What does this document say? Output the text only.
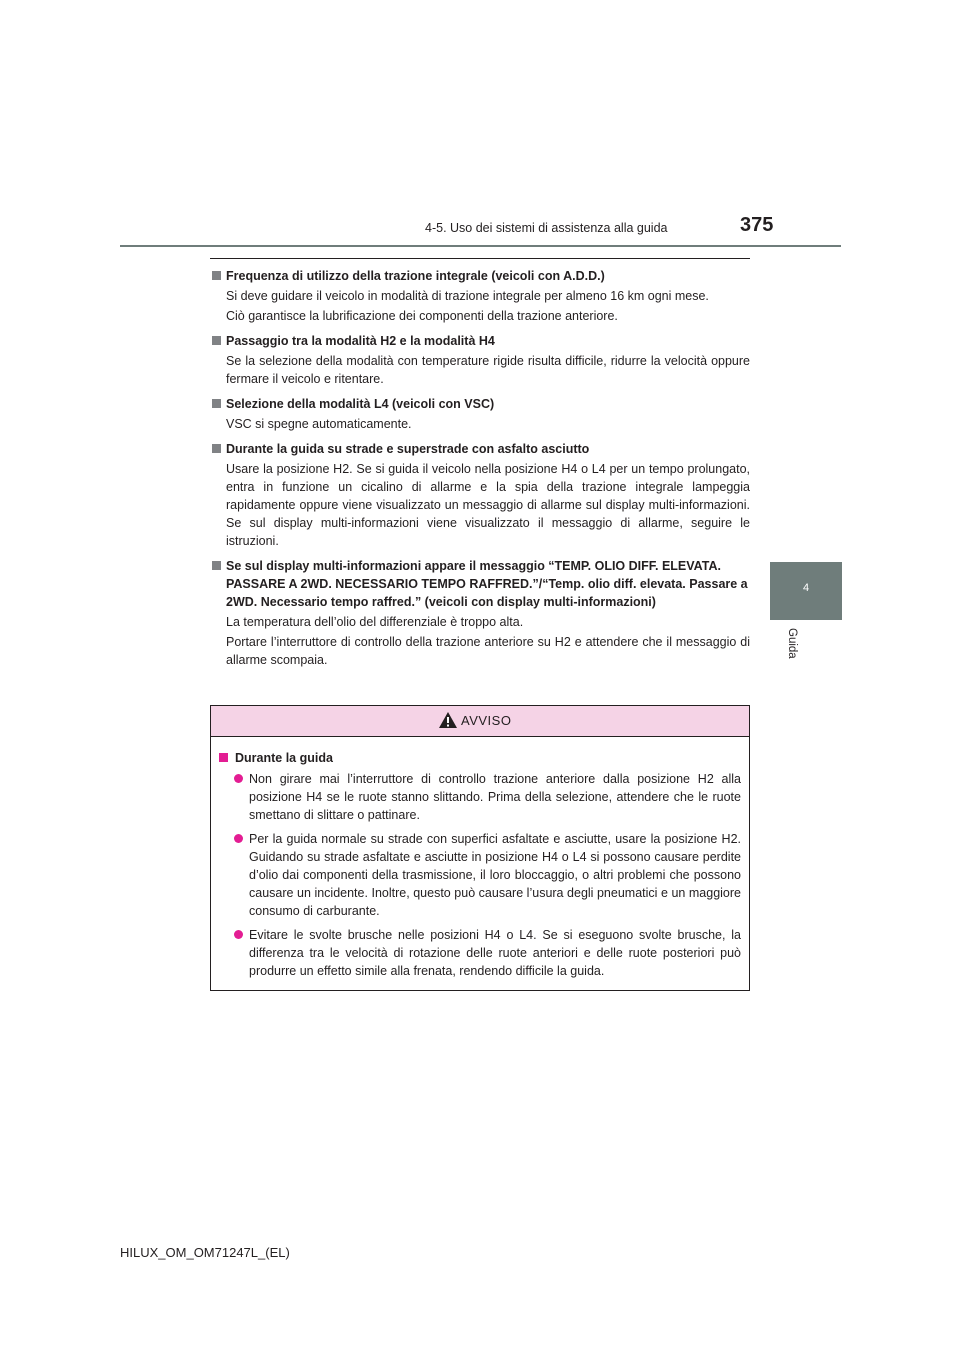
4-5. Uso dei sistemi di assistenza alla guida	375
4
Guida
Frequenza di utilizzo della trazione integrale (veicoli con A.D.D.)
Si deve guidare il veicolo in modalità di trazione integrale per almeno 16 km ogni mese.
Ciò garantisce la lubrificazione dei componenti della trazione anteriore.
Passaggio tra la modalità H2 e la modalità H4
Se la selezione della modalità con temperature rigide risulta difficile, ridurre la velocità oppure fermare il veicolo e ritentare.
Selezione della modalità L4 (veicoli con VSC)
VSC si spegne automaticamente.
Durante la guida su strade e superstrade con asfalto asciutto
Usare la posizione H2. Se si guida il veicolo nella posizione H4 o L4 per un tempo prolungato, entra in funzione un cicalino di allarme e la spia della trazione integrale lampeggia rapidamente oppure viene visualizzato un messaggio di allarme sul display multi-informazioni. Se sul display multi-informazioni viene visualizzato il messaggio di allarme, seguire le istruzioni.
Se sul display multi-informazioni appare il messaggio “TEMP. OLIO DIFF. ELEVATA. PASSARE A 2WD. NECESSARIO TEMPO RAFFRED.”/“Temp. olio diff. elevata. Passare a 2WD. Necessario tempo raffred.” (veicoli con display multi-informazioni)
La temperatura dell’olio del differenziale è troppo alta.
Portare l’interruttore di controllo della trazione anteriore su H2 e attendere che il messaggio di allarme scompaia.
AVVISO
Durante la guida
Non girare mai l’interruttore di controllo trazione anteriore dalla posizione H2 alla posizione H4 se le ruote stanno slittando. Prima della selezione, attendere che le ruote smettano di slittare o pattinare.
Per la guida normale su strade con superfici asfaltate e asciutte, usare la posizione H2. Guidando su strade asfaltate e asciutte in posizione H4 o L4 si possono causare perdite d’olio dai componenti della trasmissione, il loro bloccaggio, o altri problemi che possono causare un incidente. Inoltre, questo può causare l’usura degli pneumatici e un maggiore consumo di carburante.
Evitare le svolte brusche nelle posizioni H4 o L4. Se si eseguono svolte brusche, la differenza tra le velocità di rotazione delle ruote anteriori e delle ruote posteriori può produrre un effetto simile alla frenata, rendendo difficile la guida.
HILUX_OM_OM71247L_(EL)
